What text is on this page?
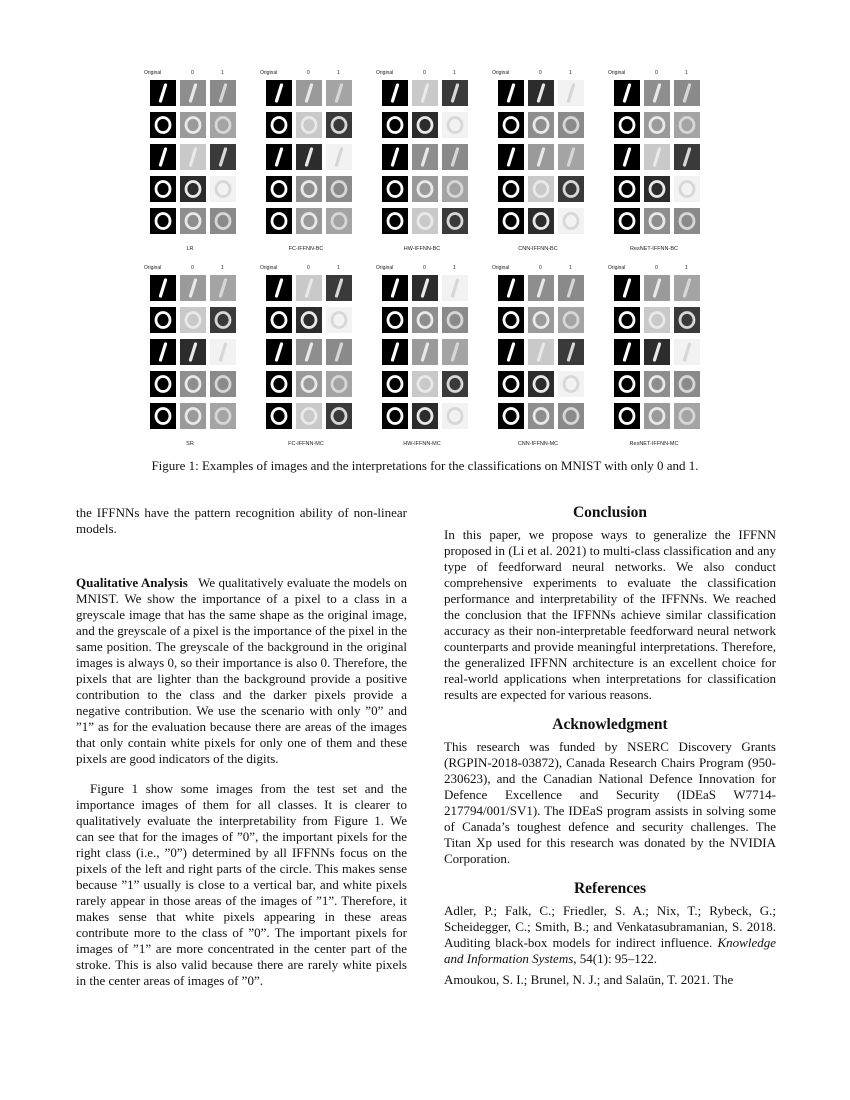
Original	0	1
LR
Original	0	1
FC-IFFNN-BC
Original	0	1
HW-IFFNN-BC
Original	0	1
CNN-IFFNN-BC
Original	0	1
ResNET-IFFNN-BC
Original	0	1
SR
Original	0	1
FC-IFFNN-MC
Original	0	1
HW-IFFNN-MC
Original	0	1
CNN-IFFNN-MC
Original	0	1
ResNET-IFFNN-MC
Figure 1: Examples of images and the interpretations for the classifications on MNIST with only 0 and 1.

the IFFNNs have the pattern recognition ability of non-linear models.

Qualitative Analysis We qualitatively evaluate the models on MNIST. We show the importance of a pixel to a class in a greyscale image that has the same shape as the original image, and the greyscale of a pixel is the importance of the pixel in the same position. The greyscale of the background in the original images is always 0, so their importance is also 0. Therefore, the pixels that are lighter than the background provide a positive contribution to the class and the darker pixels provide a negative contribution. We use the scenario with only ”0” and ”1” as for the evaluation because there are areas of the images that only contain white pixels for only one of them and these pixels are good indicators of the digits.

Figure 1 show some images from the test set and the importance images of them for all classes. It is clearer to qualitatively evaluate the interpretability from Figure 1. We can see that for the images of ”0”, the important pixels for the right class (i.e., ”0”) determined by all IFFNNs focus on the pixels of the left and right parts of the circle. This makes sense because ”1” usually is close to a vertical bar, and white pixels rarely appear in those areas of the images of ”1”. Therefore, it makes sense that white pixels appearing in these areas contribute more to the class of ”0”. The important pixels for images of ”1” are more concentrated in the center part of the stroke. This is also valid because there are rarely white pixels in the center areas of images of ”0”.

Conclusion

In this paper, we propose ways to generalize the IFFNN proposed in (Li et al. 2021) to multi-class classification and any type of feedforward neural networks. We also conduct comprehensive experiments to evaluate the classification performance and interpretability of the IFFNNs. We reached the conclusion that the IFFNNs achieve similar classification accuracy as their non-interpretable feedforward neural network counterparts and provide meaningful interpretations. Therefore, the generalized IFFNN architecture is an excellent choice for real-world applications when interpretations for classification results are expected for various reasons.

Acknowledgment

This research was funded by NSERC Discovery Grants (RGPIN-2018-03872), Canada Research Chairs Program (950-230623), and the Canadian National Defence Innovation for Defence Excellence and Security (IDEaS W7714-217794/001/SV1). The IDEaS program assists in solving some of Canada’s toughest defence and security challenges. The Titan Xp used for this research was donated by the NVIDIA Corporation.

References

Adler, P.; Falk, C.; Friedler, S. A.; Nix, T.; Rybeck, G.; Scheidegger, C.; Smith, B.; and Venkatasubramanian, S. 2018. Auditing black-box models for indirect influence. Knowledge and Information Systems, 54(1): 95–122.

Amoukou, S. I.; Brunel, N. J.; and Salaün, T. 2021. The
